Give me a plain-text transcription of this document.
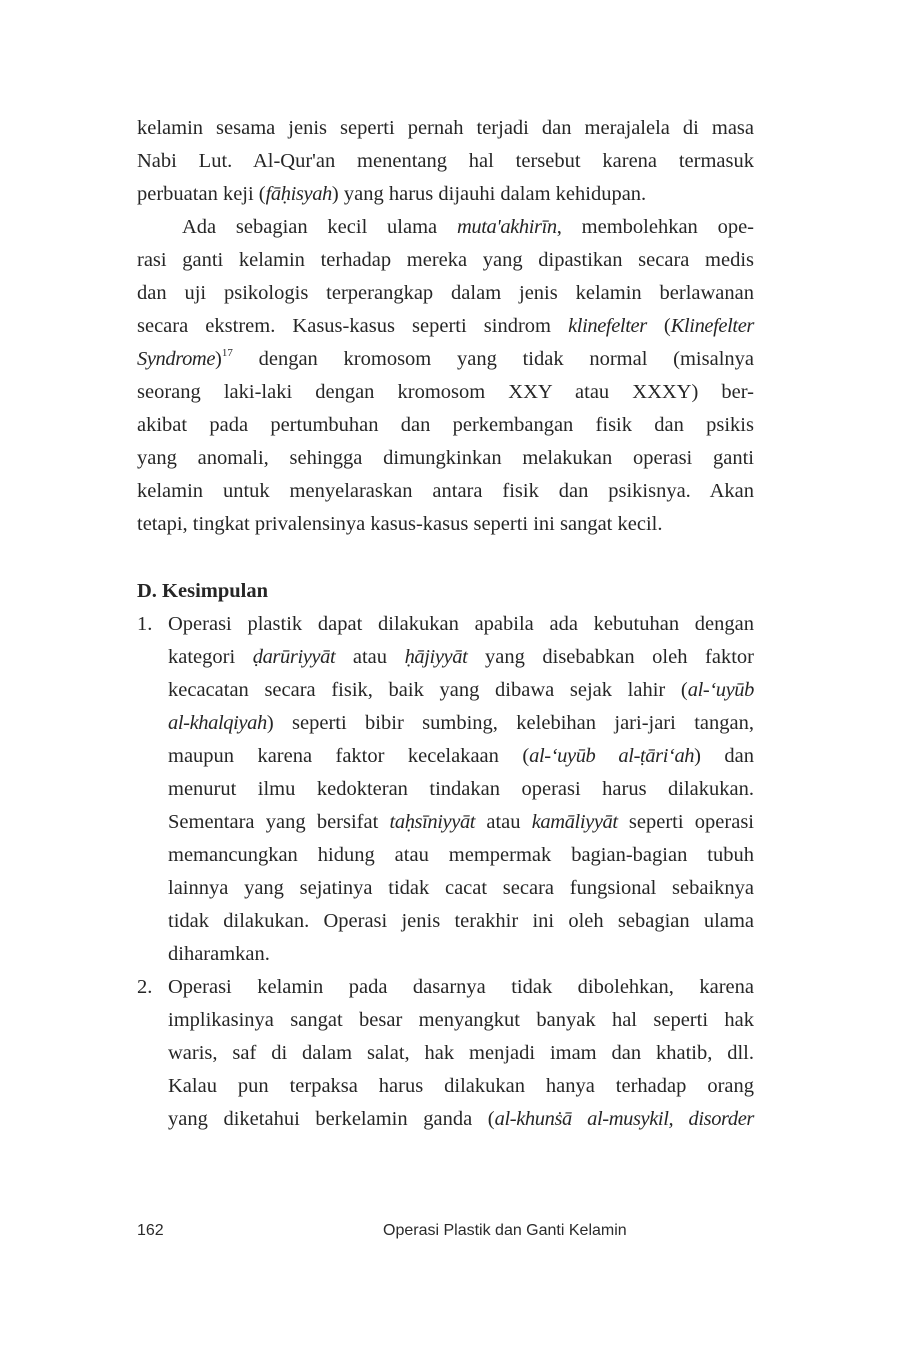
kelamin sesama jenis seperti pernah terjadi dan merajalela di masa
Nabi Lut. Al-Qur'an menentang hal tersebut karena termasuk
perbuatan keji (fāḥisyah) yang harus dijauhi dalam kehidupan.
Ada sebagian kecil ulama muta'akhirīn, membolehkan ope-
rasi ganti kelamin terhadap mereka yang dipastikan secara medis
dan uji psikologis terperangkap dalam jenis kelamin berlawanan
secara ekstrem. Kasus-kasus seperti sindrom klinefelter (Klinefelter
Syndrome)$^{17}$ dengan kromosom yang tidak normal (misalnya
seorang laki-laki dengan kromosom XXY atau XXXY) ber-
akibat pada pertumbuhan dan perkembangan fisik dan psikis
yang anomali, sehingga dimungkinkan melakukan operasi ganti
kelamin untuk menyelaraskan antara fisik dan psikisnya. Akan
tetapi, tingkat privalensinya kasus-kasus seperti ini sangat kecil.
D. Kesimpulan
1. Operasi plastik dapat dilakukan apabila ada kebutuhan dengan
kategori ḍarūriyyāt atau ḥājiyyāt yang disebabkan oleh faktor
kecacatan secara fisik, baik yang dibawa sejak lahir (al-‘uyūb
al-khalqiyah) seperti bibir sumbing, kelebihan jari-jari tangan,
maupun karena faktor kecelakaan (al-‘uyūb al-ṭāri‘ah) dan
menurut ilmu kedokteran tindakan operasi harus dilakukan.
Sementara yang bersifat taḥsīniyyāt atau kamāliyyāt seperti operasi
memancungkan hidung atau mempermak bagian-bagian tubuh
lainnya yang sejatinya tidak cacat secara fungsional sebaiknya
tidak dilakukan. Operasi jenis terakhir ini oleh sebagian ulama
diharamkan.
2. Operasi kelamin pada dasarnya tidak dibolehkan, karena
implikasinya sangat besar menyangkut banyak hal seperti hak
waris, saf di dalam salat, hak menjadi imam dan khatib, dll.
Kalau pun terpaksa harus dilakukan hanya terhadap orang
yang diketahui berkelamin ganda (al-khunṡā al-musykil, disorder
162	Operasi Plastik dan Ganti Kelamin
